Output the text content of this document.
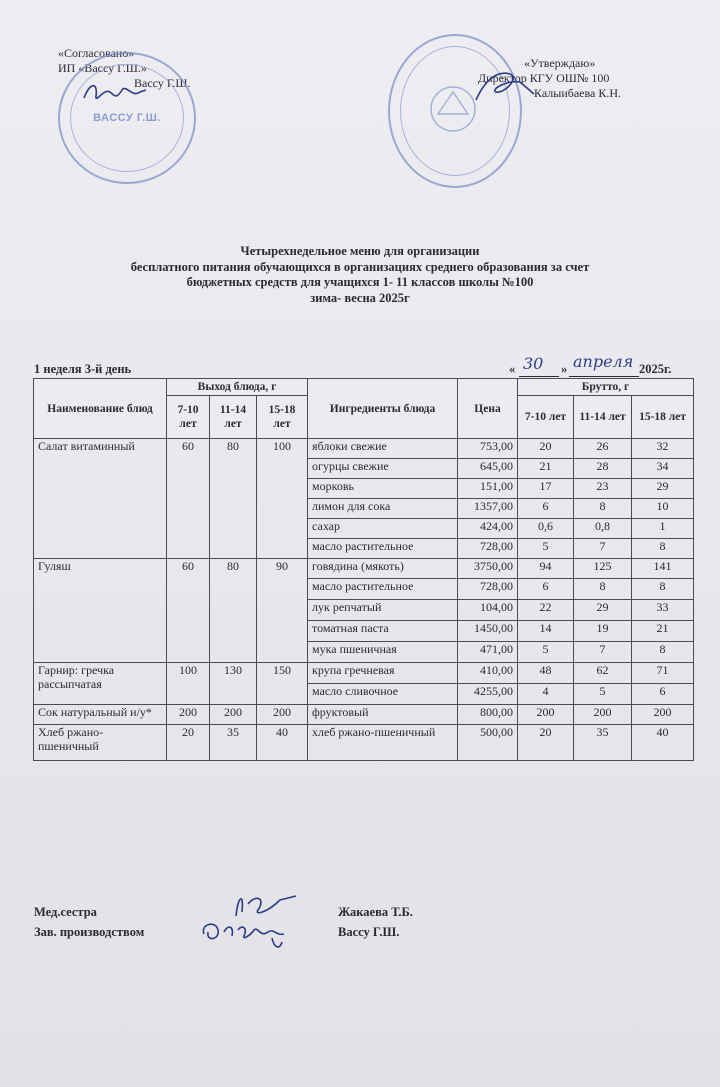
«Согласовано»
ИП «Вассу Г.Ш.»
Вассу Г.Ш.
ВАССУ Г.Ш.
«Утверждаю»
Директор КГУ ОШ№ 100
Калыибаева К.Н.
Четырехнедельное меню для организации
бесплатного питания обучающихся в организациях среднего образования за счет
бюджетных средств для учащихся 1- 11 классов школы №100
зима- весна 2025г
1 неделя 3-й день	« 30 » апреля 2025г.
Наименование блюд	Выход блюда, г			Ингредиенты блюда	Цена	Брутто, г		
	7-10 лет	11-14 лет	15-18 лет			7-10 лет	11-14 лет	15-18 лет
Салат витаминный	60	80	100	яблоки свежие	753,00	20	26	32
				огурцы свежие	645,00	21	28	34
				морковь	151,00	17	23	29
				лимон для сока	1357,00	6	8	10
				сахар	424,00	0,6	0,8	1
				масло растительное	728,00	5	7	8
Гуляш	60	80	90	говядина (мякоть)	3750,00	94	125	141
				масло растительное	728,00	6	8	8
				лук репчатый	104,00	22	29	33
				томатная паста	1450,00	14	19	21
				мука пшеничная	471,00	5	7	8
Гарнир: гречка рассыпчатая	100	130	150	крупа гречневая	410,00	48	62	71
				масло сливочное	4255,00	4	5	6
Сок натуральный и/у*	200	200	200	фруктовый	800,00	200	200	200
Хлеб ржано-пшеничный	20	35	40	хлеб ржано-пшеничный	500,00	20	35	40
Мед.сестра
Зав. производством
Жакаева Т.Б.
Вассу Г.Ш.
